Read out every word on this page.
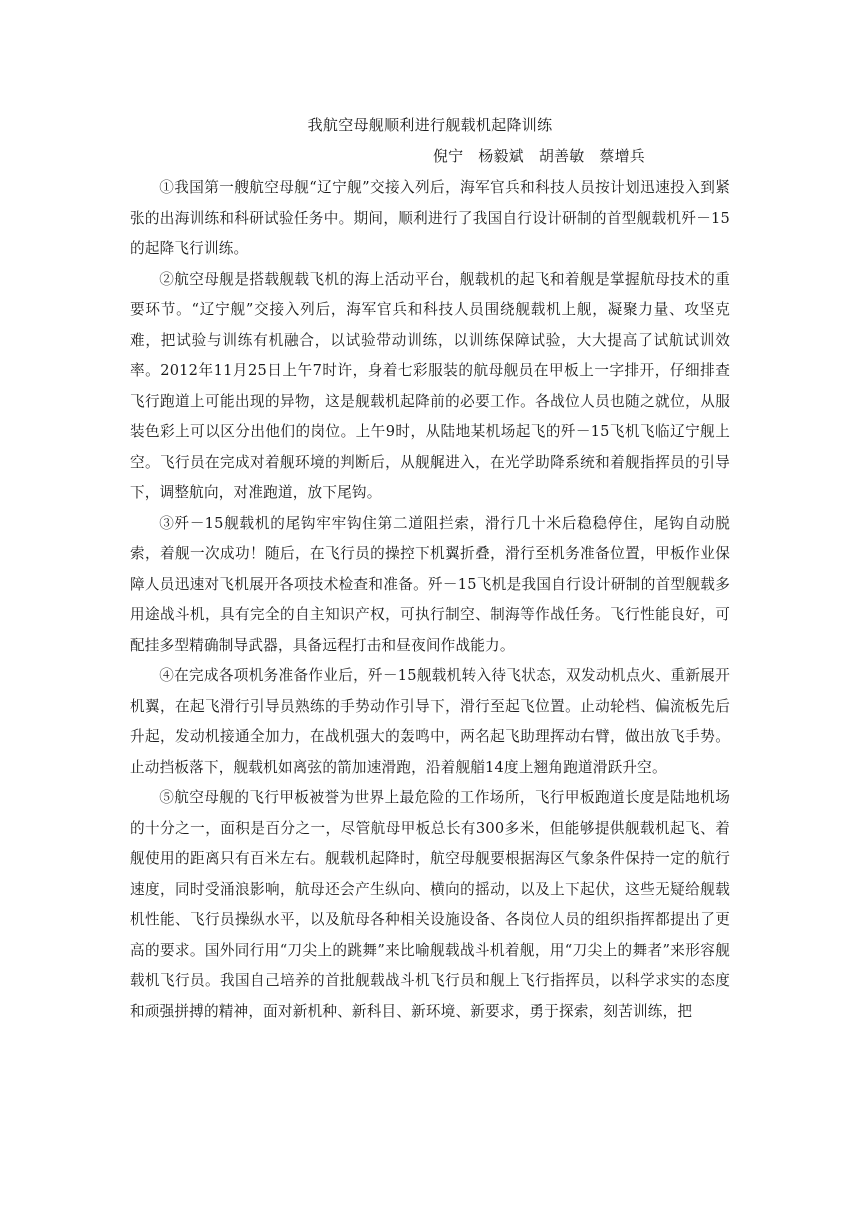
我航空母舰顺利进行舰载机起降训练
倪宁 杨毅斌 胡善敏 蔡增兵

①我国第一艘航空母舰“辽宁舰”交接入列后，海军官兵和科技人员按计划迅速投入到紧张的出海训练和科研试验任务中。期间，顺利进行了我国自行设计研制的首型舰载机歼－15的起降飞行训练。

②航空母舰是搭载舰载飞机的海上活动平台，舰载机的起飞和着舰是掌握航母技术的重要环节。“辽宁舰”交接入列后，海军官兵和科技人员围绕舰载机上舰，凝聚力量、攻坚克难，把试验与训练有机融合，以试验带动训练，以训练保障试验，大大提高了试航试训效率。2012年11月25日上午7时许，身着七彩服装的航母舰员在甲板上一字排开，仔细排查飞行跑道上可能出现的异物，这是舰载机起降前的必要工作。各战位人员也随之就位，从服装色彩上可以区分出他们的岗位。上午9时，从陆地某机场起飞的歼－15飞机飞临辽宁舰上空。飞行员在完成对着舰环境的判断后，从舰艉进入，在光学助降系统和着舰指挥员的引导下，调整航向，对准跑道，放下尾钩。

③歼－15舰载机的尾钩牢牢钩住第二道阻拦索，滑行几十米后稳稳停住，尾钩自动脱索，着舰一次成功！随后，在飞行员的操控下机翼折叠，滑行至机务准备位置，甲板作业保障人员迅速对飞机展开各项技术检查和准备。歼－15飞机是我国自行设计研制的首型舰载多用途战斗机，具有完全的自主知识产权，可执行制空、制海等作战任务。飞行性能良好，可配挂多型精确制导武器，具备远程打击和昼夜间作战能力。

④在完成各项机务准备作业后，歼－15舰载机转入待飞状态，双发动机点火、重新展开机翼，在起飞滑行引导员熟练的手势动作引导下，滑行至起飞位置。止动轮档、偏流板先后升起，发动机接通全加力，在战机强大的轰鸣中，两名起飞助理挥动右臂，做出放飞手势。止动挡板落下，舰载机如离弦的箭加速滑跑，沿着舰艏14度上翘角跑道滑跃升空。

⑤航空母舰的飞行甲板被誉为世界上最危险的工作场所，飞行甲板跑道长度是陆地机场的十分之一，面积是百分之一，尽管航母甲板总长有300多米，但能够提供舰载机起飞、着舰使用的距离只有百米左右。舰载机起降时，航空母舰要根据海区气象条件保持一定的航行速度，同时受涌浪影响，航母还会产生纵向、横向的摇动，以及上下起伏，这些无疑给舰载机性能、飞行员操纵水平，以及航母各种相关设施设备、各岗位人员的组织指挥都提出了更高的要求。国外同行用“刀尖上的跳舞”来比喻舰载战斗机着舰，用“刀尖上的舞者”来形容舰载机飞行员。我国自己培养的首批舰载战斗机飞行员和舰上飞行指挥员，以科学求实的态度和顽强拼搏的精神，面对新机种、新科目、新环境、新要求，勇于探索，刻苦训练，把
